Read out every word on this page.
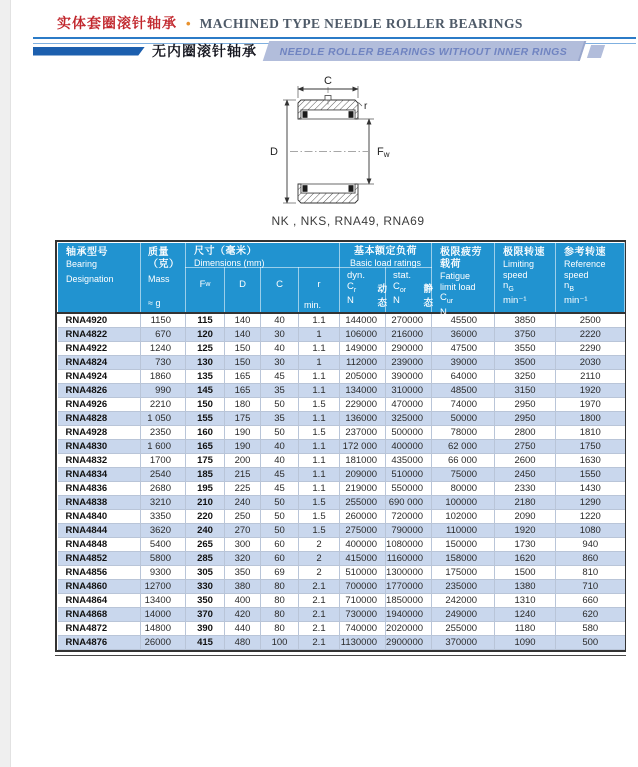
实体套圈滚针轴承 • MACHINED TYPE NEEDLE ROLLER BEARINGS
无内圈滚针轴承	NEEDLE ROLLER BEARINGS WITHOUT INNER RINGS
C
D	Fw
r
NK , NKS, RNA49, RNA69
轴承型号
Bearing
Designation

质量
（克）
Mass
≈ g

尺寸（毫米）
Dimensions (mm)

基本额定负荷
Basic load ratings

极限疲劳
载荷
Fatigue
limit load
$C_{ur}$
N

极限转速
Limiting
speed
$n_G$
min⁻¹

参考转速
Reference
speed
$n_B$
min⁻¹

		F w	D	C	r
min.	dyn.
$C_r$ 动
N 态	stat.
$C_{or}$ 静
N 态			

RNA4920	1150	115	140	40	1.1	144000	270000	45500	3850	2500
RNA4822	670	120	140	30	1	106000	216000	36000	3750	2220
RNA4922	1240	125	150	40	1.1	149000	290000	47500	3550	2290
RNA4824	730	130	150	30	1	112000	239000	39000	3500	2030
RNA4924	1860	135	165	45	1.1	205000	390000	64000	3250	2110
RNA4826	990	145	165	35	1.1	134000	310000	48500	3150	1920
RNA4926	2210	150	180	50	1.5	229000	470000	74000	2950	1970
RNA4828	1 050	155	175	35	1.1	136000	325000	50000	2950	1800
RNA4928	2350	160	190	50	1.5	237000	500000	78000	2800	1810
RNA4830	1 600	165	190	40	1.1	172 000	400000	62 000	2750	1750
RNA4832	1700	175	200	40	1.1	181000	435000	66 000	2600	1630
RNA4834	2540	185	215	45	1.1	209000	510000	75000	2450	1550
RNA4836	2680	195	225	45	1.1	219000	550000	80000	2330	1430
RNA4838	3210	210	240	50	1.5	255000	690 000	100000	2180	1290
RNA4840	3350	220	250	50	1.5	260000	720000	102000	2090	1220
RNA4844	3620	240	270	50	1.5	275000	790000	110000	1920	1080
RNA4848	5400	265	300	60	2	400000	1080000	150000	1730	940
RNA4852	5800	285	320	60	2	415000	1160000	158000	1620	860
RNA4856	9300	305	350	69	2	510000	1300000	175000	1500	810
RNA4860	12700	330	380	80	2.1	700000	1770000	235000	1380	710
RNA4864	13400	350	400	80	2.1	710000	1850000	242000	1310	660
RNA4868	14000	370	420	80	2.1	730000	1940000	249000	1240	620
RNA4872	14800	390	440	80	2.1	740000	2020000	255000	1180	580
RNA4876	26000	415	480	100	2.1	1130000	2900000	370000	1090	500
